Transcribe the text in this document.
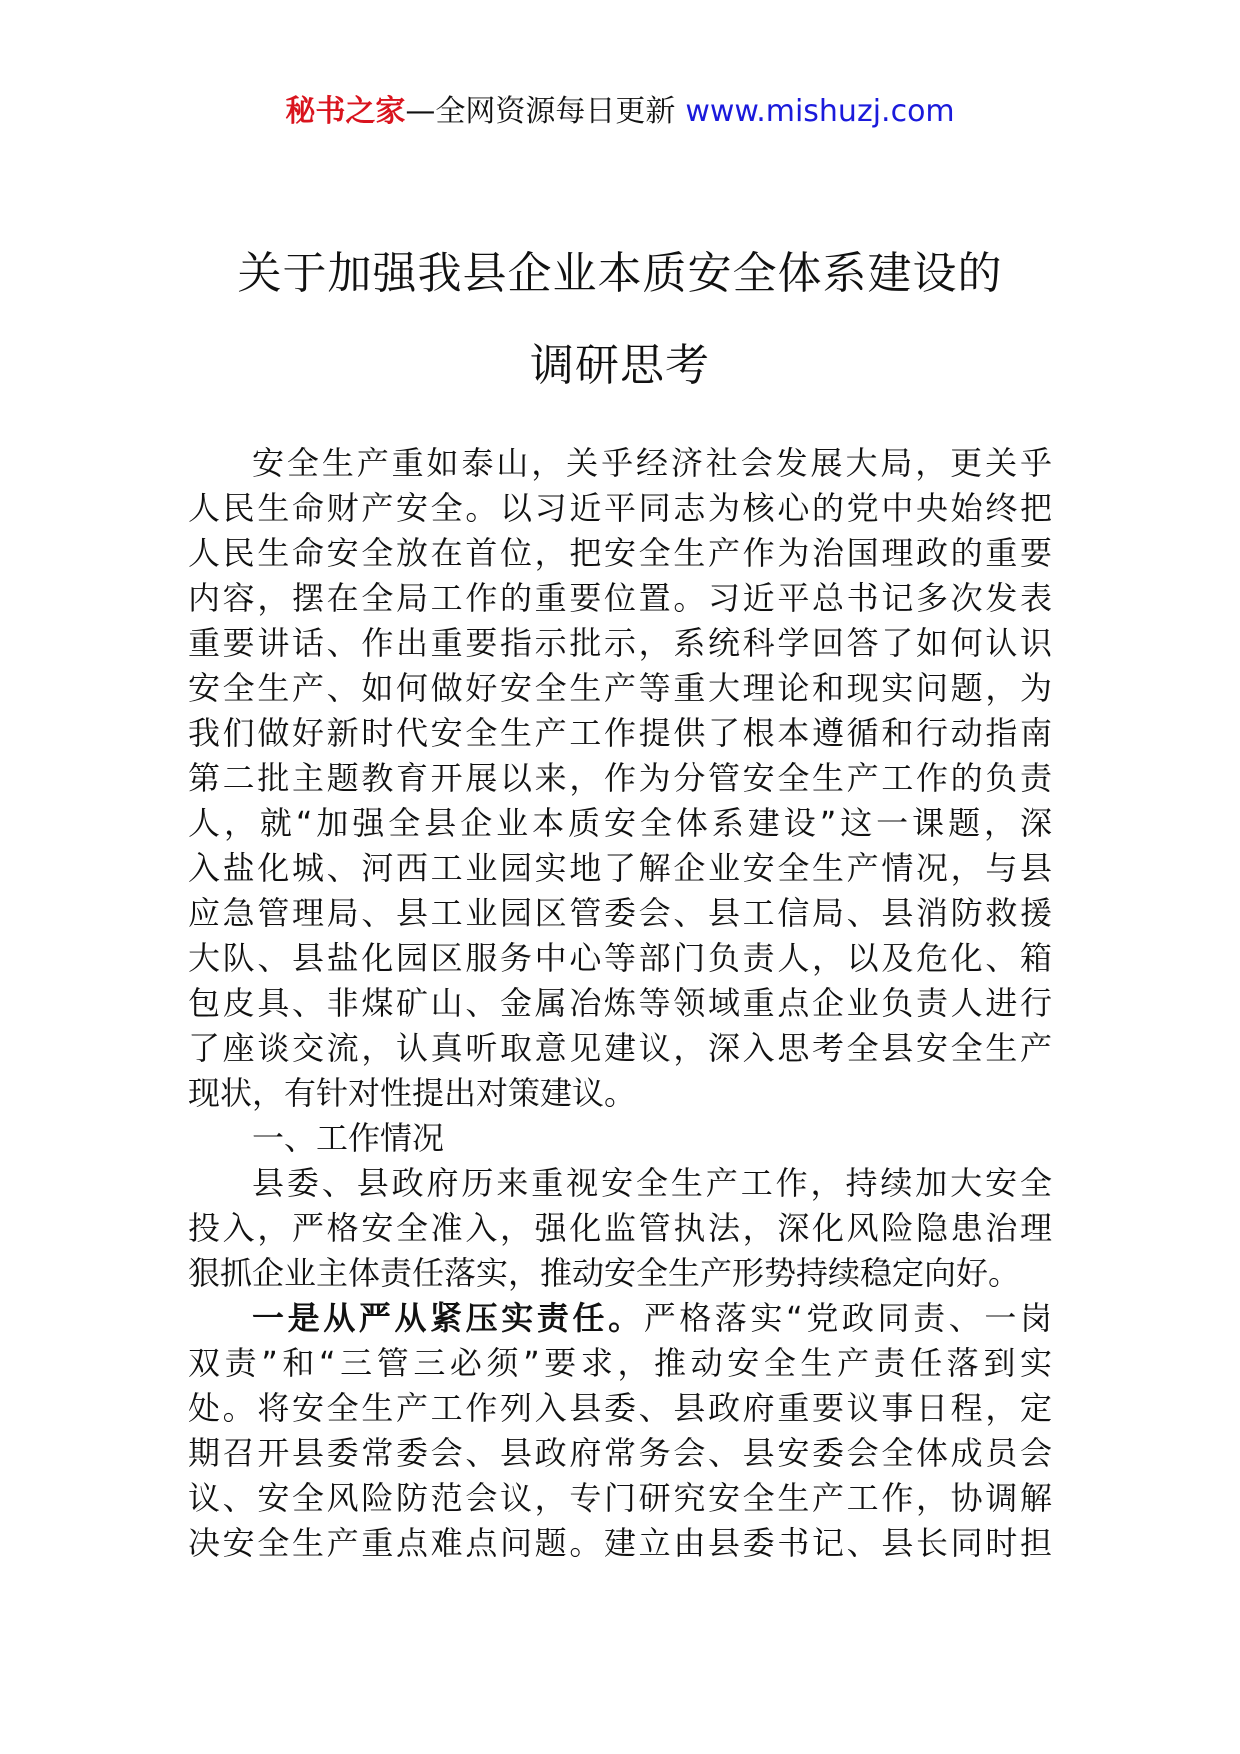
秘书之家—全网资源每日更新 www.mishuzj.com
关于加强我县企业本质安全体系建设的
调研思考
安全生产重如泰山，关乎经济社会发展大局，更关乎
人民生命财产安全。以习近平同志为核心的党中央始终把
人民生命安全放在首位，把安全生产作为治国理政的重要
内容，摆在全局工作的重要位置。习近平总书记多次发表
重要讲话、作出重要指示批示，系统科学回答了如何认识
安全生产、如何做好安全生产等重大理论和现实问题，为
我们做好新时代安全生产工作提供了根本遵循和行动指南
第二批主题教育开展以来，作为分管安全生产工作的负责
人，就“加强全县企业本质安全体系建设”这一课题，深
入盐化城、河西工业园实地了解企业安全生产情况，与县
应急管理局、县工业园区管委会、县工信局、县消防救援
大队、县盐化园区服务中心等部门负责人，以及危化、箱
包皮具、非煤矿山、金属冶炼等领域重点企业负责人进行
了座谈交流，认真听取意见建议，深入思考全县安全生产
现状，有针对性提出对策建议。
一、工作情况
县委、县政府历来重视安全生产工作，持续加大安全
投入，严格安全准入，强化监管执法，深化风险隐患治理
狠抓企业主体责任落实，推动安全生产形势持续稳定向好。
一是从严从紧压实责任。严格落实“党政同责、一岗
双责”和“三管三必须”要求，推动安全生产责任落到实
处。将安全生产工作列入县委、县政府重要议事日程，定
期召开县委常委会、县政府常务会、县安委会全体成员会
议、安全风险防范会议，专门研究安全生产工作，协调解
决安全生产重点难点问题。建立由县委书记、县长同时担
